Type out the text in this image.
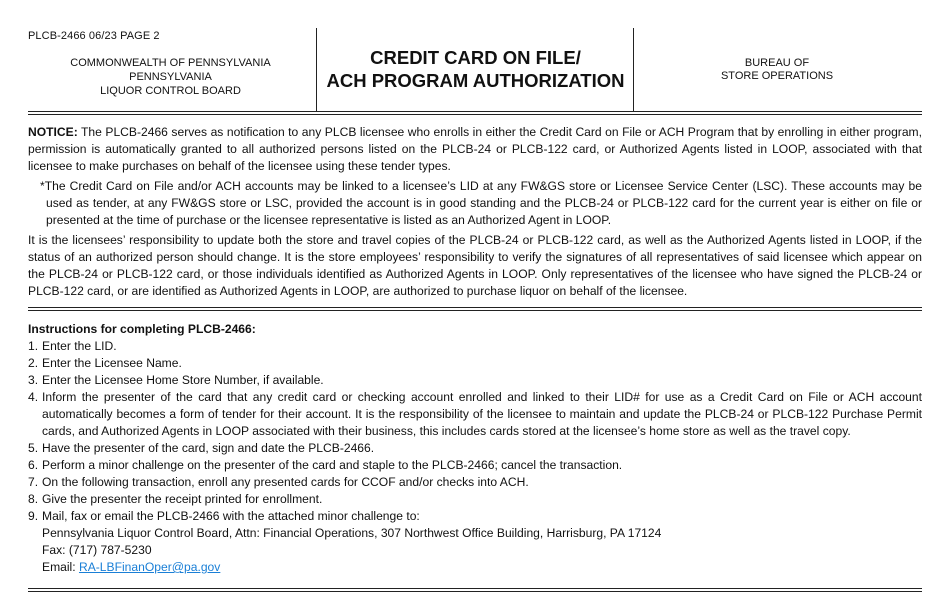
PLCB-2466 06/23 PAGE 2
COMMONWEALTH OF PENNSYLVANIA
PENNSYLVANIA
LIQUOR CONTROL BOARD
CREDIT CARD ON FILE/
ACH PROGRAM AUTHORIZATION
BUREAU OF
STORE OPERATIONS
NOTICE: The PLCB-2466 serves as notification to any PLCB licensee who enrolls in either the Credit Card on File or ACH Program that by enrolling in either program, permission is automatically granted to all authorized persons listed on the PLCB-24 or PLCB-122 card, or Authorized Agents listed in LOOP, associated with that licensee to make purchases on behalf of the licensee using these tender types.
*The Credit Card on File and/or ACH accounts may be linked to a licensee’s LID at any FW&GS store or Licensee Service Center (LSC). These accounts may be used as tender, at any FW&GS store or LSC, provided the account is in good standing and the PLCB-24 or PLCB-122 card for the current year is either on file or presented at the time of purchase or the licensee representative is listed as an Authorized Agent in LOOP.
It is the licensees’ responsibility to update both the store and travel copies of the PLCB-24 or PLCB-122 card, as well as the Authorized Agents listed in LOOP, if the status of an authorized person should change. It is the store employees’ responsibility to verify the signatures of all representatives of said licensee which appear on the PLCB-24 or PLCB-122 card, or those individuals identified as Authorized Agents in LOOP. Only representatives of the licensee who have signed the PLCB-24 or PLCB-122 card, or are identified as Authorized Agents in LOOP, are authorized to purchase liquor on behalf of the licensee.
Instructions for completing PLCB-2466:
1. Enter the LID.
2. Enter the Licensee Name.
3. Enter the Licensee Home Store Number, if available.
4. Inform the presenter of the card that any credit card or checking account enrolled and linked to their LID# for use as a Credit Card on File or ACH account automatically becomes a form of tender for their account. It is the responsibility of the licensee to maintain and update the PLCB-24 or PLCB-122 Purchase Permit cards, and Authorized Agents in LOOP associated with their business, this includes cards stored at the licensee’s home store as well as the travel copy.
5. Have the presenter of the card, sign and date the PLCB-2466.
6. Perform a minor challenge on the presenter of the card and staple to the PLCB-2466; cancel the transaction.
7. On the following transaction, enroll any presented cards for CCOF and/or checks into ACH.
8. Give the presenter the receipt printed for enrollment.
9. Mail, fax or email the PLCB-2466 with the attached minor challenge to:
Pennsylvania Liquor Control Board, Attn: Financial Operations, 307 Northwest Office Building, Harrisburg, PA 17124
Fax: (717) 787-5230
Email: RA-LBFinanOper@pa.gov
